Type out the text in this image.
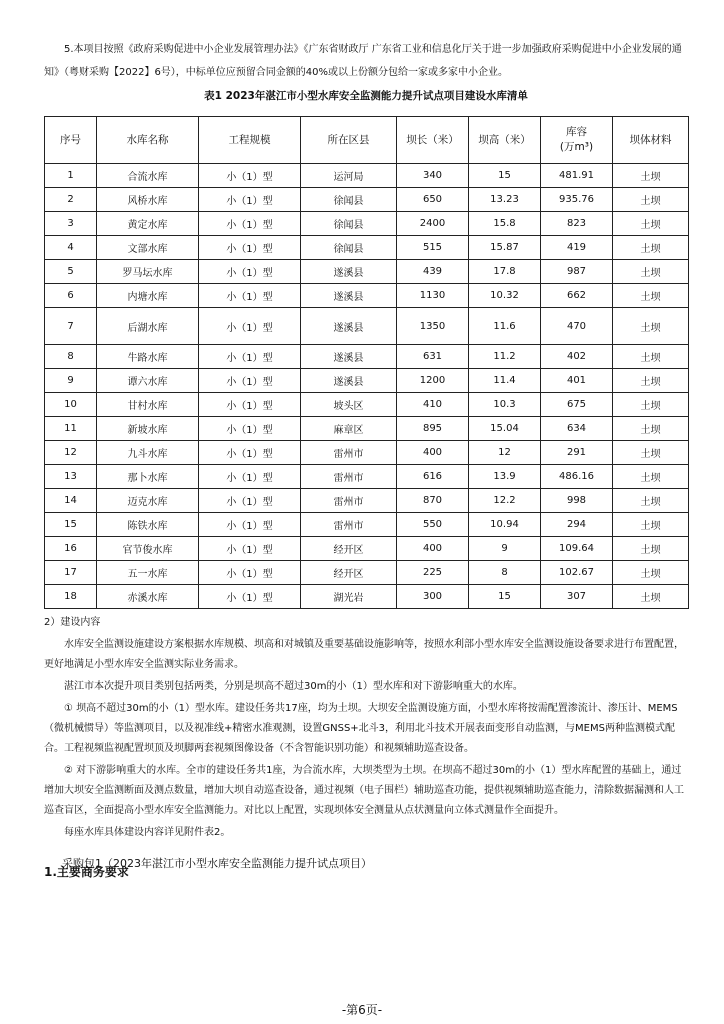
5.本项目按照《政府采购促进中小企业发展管理办法》《广东省财政厅 广东省工业和信息化厅关于进一步加强政府采购促进中小企业发展的通知》（粤财采购【2022】6号），中标单位应预留合同金额的40%或以上份额分包给一家或多家中小企业。

表1 2023年湛江市小型水库安全监测能力提升试点项目建设水库清单
序号	水库名称	工程规模	所在区县	坝长（米）	坝高（米）	库容
(万m³)	坝体材料
1	合流水库	小（1）型	运河局	340	15	481.91	土坝
2	风桥水库	小（1）型	徐闻县	650	13.23	935.76	土坝
3	黄定水库	小（1）型	徐闻县	2400	15.8	823	土坝
4	文部水库	小（1）型	徐闻县	515	15.87	419	土坝
5	罗马坛水库	小（1）型	遂溪县	439	17.8	987	土坝
6	内塘水库	小（1）型	遂溪县	1130	10.32	662	土坝
7	后湖水库	小（1）型	遂溪县	1350	11.6	470	土坝
8	牛路水库	小（1）型	遂溪县	631	11.2	402	土坝
9	谭六水库	小（1）型	遂溪县	1200	11.4	401	土坝
10	甘村水库	小（1）型	坡头区	410	10.3	675	土坝
11	新坡水库	小（1）型	麻章区	895	15.04	634	土坝
12	九斗水库	小（1）型	雷州市	400	12	291	土坝
13	那卜水库	小（1）型	雷州市	616	13.9	486.16	土坝
14	迈克水库	小（1）型	雷州市	870	12.2	998	土坝
15	陈铁水库	小（1）型	雷州市	550	10.94	294	土坝
16	官节俊水库	小（1）型	经开区	400	9	109.64	土坝
17	五一水库	小（1）型	经开区	225	8	102.67	土坝
18	赤溪水库	小（1）型	湖光岩	300	15	307	土坝

2）建设内容

水库安全监测设施建设方案根据水库规模、坝高和对城镇及重要基础设施影响等，按照水利部小型水库安全监测设施设备要求进行布置配置，更好地满足小型水库安全监测实际业务需求。

湛江市本次提升项目类别包括两类，分别是坝高不超过30m的小（1）型水库和对下游影响重大的水库。

① 坝高不超过30m的小（1）型水库。建设任务共17座，均为土坝。大坝安全监测设施方面，小型水库将按需配置渗流计、渗压计、MEMS（微机械惯导）等监测项目，以及视准线+精密水准观测，设置GNSS+北斗3，利用北斗技术开展表面变形自动监测，与MEMS两种监测模式配合。工程视频监视配置坝顶及坝脚两套视频图像设备（不含智能识别功能）和视频辅助巡查设备。

采购包1（2023年湛江市小型水库安全监测能力提升试点项目）

1.主要商务要求
-第6页-

② 对下游影响重大的水库。全市的建设任务共1座，为合流水库，大坝类型为土坝。在坝高不超过30m的小（1）型水库配置的基础上，通过增加大坝安全监测断面及测点数量，增加大坝自动巡查设备，通过视频（电子围栏）辅助巡查功能，提供视频辅助巡查能力，清除数据漏测和人工巡查盲区，全面提高小型水库安全监测能力。对比以上配置，实现坝体安全测量从点状测量向立体式测量作全面提升。

每座水库具体建设内容详见附件表2。
